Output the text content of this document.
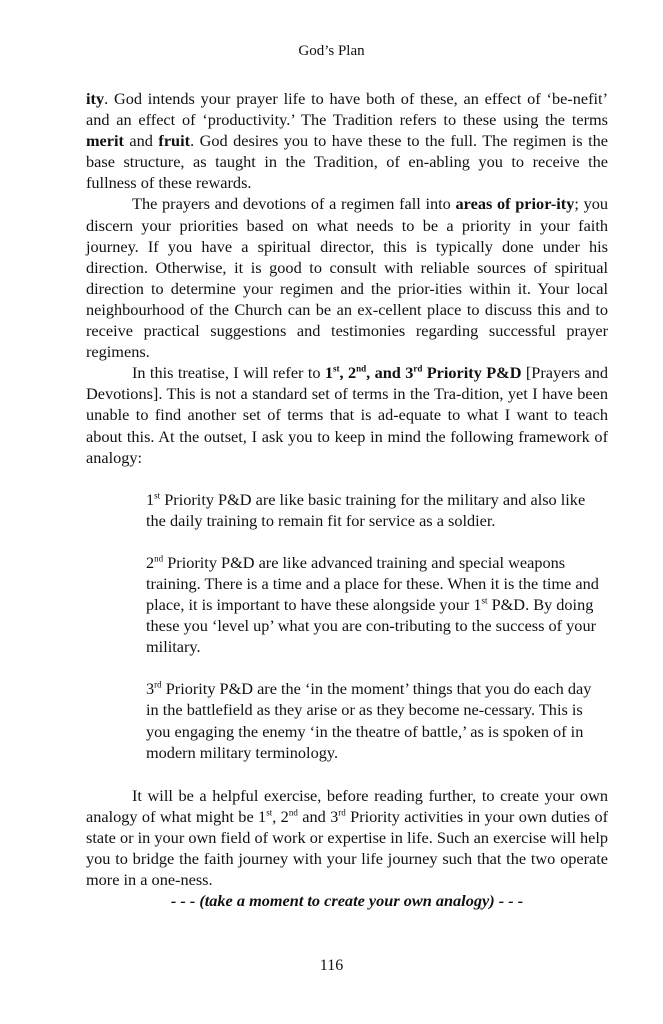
God’s Plan

ity. God intends your prayer life to have both of these, an effect of ‘be-nefit’ and an effect of ‘productivity.’ The Tradition refers to these using the terms merit and fruit. God desires you to have these to the full. The regimen is the base structure, as taught in the Tradition, of en-abling you to receive the fullness of these rewards.

The prayers and devotions of a regimen fall into areas of prior-ity; you discern your priorities based on what needs to be a priority in your faith journey. If you have a spiritual director, this is typically done under his direction. Otherwise, it is good to consult with reliable sources of spiritual direction to determine your regimen and the prior-ities within it. Your local neighbourhood of the Church can be an ex-cellent place to discuss this and to receive practical suggestions and testimonies regarding successful prayer regimens.

In this treatise, I will refer to 1st, 2nd, and 3rd Priority P&D [Prayers and Devotions]. This is not a standard set of terms in the Tra-dition, yet I have been unable to find another set of terms that is ad-equate to what I want to teach about this. At the outset, I ask you to keep in mind the following framework of analogy:

1st Priority P&D are like basic training for the military and also like the daily training to remain fit for service as a soldier.

2nd Priority P&D are like advanced training and special weapons training. There is a time and a place for these. When it is the time and place, it is important to have these alongside your 1st P&D. By doing these you ‘level up’ what you are con-tributing to the success of your military.

3rd Priority P&D are the ‘in the moment’ things that you do each day in the battlefield as they arise or as they become ne-cessary. This is you engaging the enemy ‘in the theatre of battle,’ as is spoken of in modern military terminology.

It will be a helpful exercise, before reading further, to create your own analogy of what might be 1st, 2nd and 3rd Priority activities in your own duties of state or in your own field of work or expertise in life. Such an exercise will help you to bridge the faith journey with your life journey such that the two operate more in a one-ness.

- - - (take a moment to create your own analogy) - - -

116
